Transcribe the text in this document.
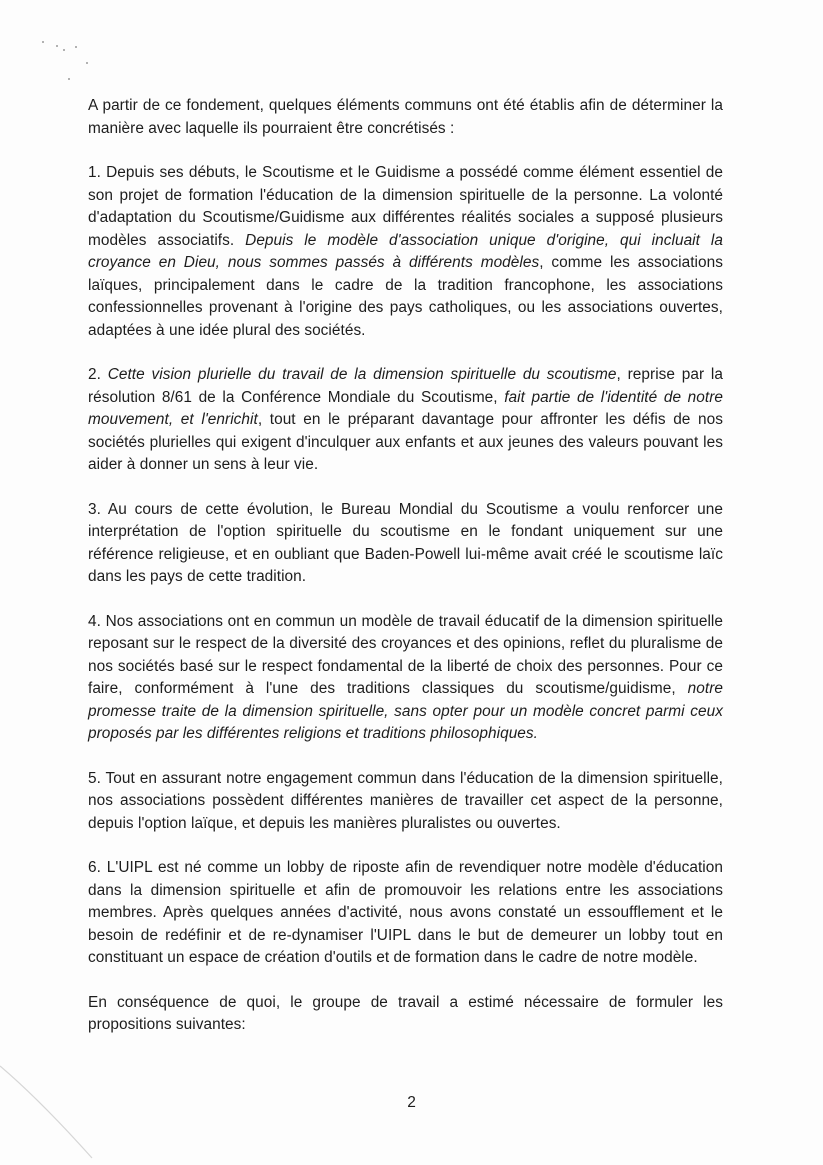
A partir de ce fondement, quelques éléments communs ont été établis afin de déterminer la manière avec laquelle ils pourraient être concrétisés :

1. Depuis ses débuts, le Scoutisme et le Guidisme a possédé comme élément essentiel de son projet de formation l'éducation de la dimension spirituelle de la personne. La volonté d'adaptation du Scoutisme/Guidisme aux différentes réalités sociales a supposé plusieurs modèles associatifs. Depuis le modèle d'association unique d'origine, qui incluait la croyance en Dieu, nous sommes passés à différents modèles, comme les associations laïques, principalement dans le cadre de la tradition francophone, les associations confessionnelles provenant à l'origine des pays catholiques, ou les associations ouvertes, adaptées à une idée plural des sociétés.

2. Cette vision plurielle du travail de la dimension spirituelle du scoutisme, reprise par la résolution 8/61 de la Conférence Mondiale du Scoutisme, fait partie de l'identité de notre mouvement, et l'enrichit, tout en le préparant davantage pour affronter les défis de nos sociétés plurielles qui exigent d'inculquer aux enfants et aux jeunes des valeurs pouvant les aider à donner un sens à leur vie.

3. Au cours de cette évolution, le Bureau Mondial du Scoutisme a voulu renforcer une interprétation de l'option spirituelle du scoutisme en le fondant uniquement sur une référence religieuse, et en oubliant que Baden-Powell lui-même avait créé le scoutisme laïc dans les pays de cette tradition.

4. Nos associations ont en commun un modèle de travail éducatif de la dimension spirituelle reposant sur le respect de la diversité des croyances et des opinions, reflet du pluralisme de nos sociétés basé sur le respect fondamental de la liberté de choix des personnes. Pour ce faire, conformément à l'une des traditions classiques du scoutisme/guidisme, notre promesse traite de la dimension spirituelle, sans opter pour un modèle concret parmi ceux proposés par les différentes religions et traditions philosophiques.

5. Tout en assurant notre engagement commun dans l'éducation de la dimension spirituelle, nos associations possèdent différentes manières de travailler cet aspect de la personne, depuis l'option laïque, et depuis les manières pluralistes ou ouvertes.

6. L'UIPL est né comme un lobby de riposte afin de revendiquer notre modèle d'éducation dans la dimension spirituelle et afin de promouvoir les relations entre les associations membres. Après quelques années d'activité, nous avons constaté un essoufflement et le besoin de redéfinir et de re-dynamiser l'UIPL dans le but de demeurer un lobby tout en constituant un espace de création d'outils et de formation dans le cadre de notre modèle.

En conséquence de quoi, le groupe de travail a estimé nécessaire de formuler les propositions suivantes:

2
